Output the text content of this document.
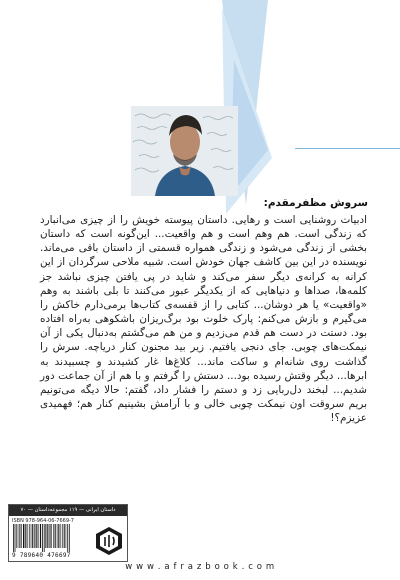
سروش مظفرمقدم:

ادبیات روشنایی است و رهایی. داستان پیوسته خویش را از چیزی می‌انبارد که زندگی است. هم وهم است و هم واقعیت... این‌گونه است که داستان بخشی از زندگی می‌شود و زندگی همواره قسمتی از داستان باقی می‌ماند. نویسنده در این بین کاشف جهان خودش است. شبیه ملاحی سرگردان از این کرانه به کرانه‌ی دیگر سفر می‌کند و شاید در پی یافتن چیزی نباشد جز کلمه‌ها، صداها و دنیاهایی که از یکدیگر عبور می‌کنند تا بلی باشند به وهم «واقعیت» یا هر دوشان... کتابی را از قفسه‌ی کتاب‌ها برمی‌دارم خاکش را می‌گیرم و بازش می‌کنم: پارک خلوت بود برگ‌ریزان باشکوهی به‌راه افتاده بود. دستت در دست هم قدم می‌زدیم و من هم می‌گشتم به‌دنبال یکی از آن نیمکت‌های چوبی. جای دنجی یافتیم. زیر بید مجنون کنار دریاچه. سرش را گذاشت روی شانه‌ام و ساکت ماند... کلاغ‌ها غار کشیدند و چسبیدند به ابرها... دیگر وقتش رسیده بود... دستش را گرفتم و با هم از آن جماعت دور شدیم... لبخند دل‌ربایی زد و دستم را فشار داد، گفتم: حالا دیگه می‌تونیم بریم سروقت اون نیمکت چوبی خالی و با آرامش بشینیم کنار هم؛ فهمیدی عزیزم؟!

داستان ایرانی — ۱۱۹ مجموعه‌داستان — ۷۰
ISBN 978-964-06-7669-7
9 789640 476697
w w w . a f r a z b o o k . c o m
